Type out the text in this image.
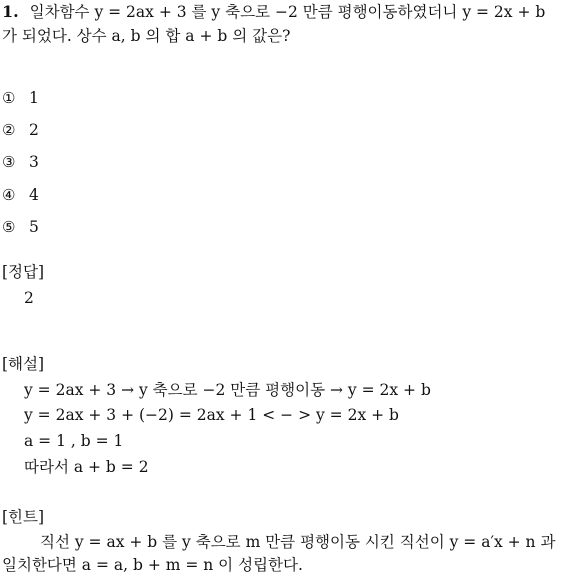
1. 일차함수 y = 2ax + 3 를 y 축으로 −2 만큼 평행이동하였더니 y = 2x + b
가 되었다. 상수 a, b 의 합 a + b 의 값은?
① 1
② 2
③ 3
④ 4
⑤ 5
[정답]
2
[해설]
y = 2ax + 3 → y 축으로 −2 만큼 평행이동 → y = 2x + b
y = 2ax + 3 + (−2) = 2ax + 1 < − > y = 2x + b
a = 1 , b = 1
따라서 a + b = 2
[힌트]
직선 y = ax + b 를 y 축으로 m 만큼 평행이동 시킨 직선이 y = a′x + n 과
일치한다면 a = a, b + m = n 이 성립한다.
